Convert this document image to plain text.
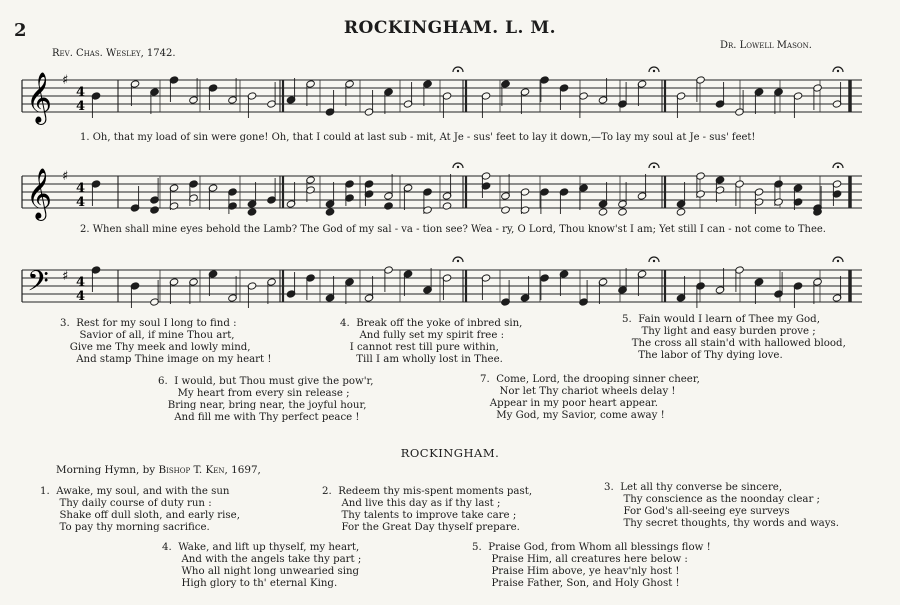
2	ROCKINGHAM. L. M.
Rev. Chas. Wesley, 1742.
Dr. Lowell Mason.
𝄞
𝄞
𝄢
♯
♯
♯
4
4
4
4
4
4
1. Oh, that my load of sin were gone! Oh, that I could at last sub - mit, At Je - sus' feet to lay it down,—To lay my soul at Je - sus' feet!
2. When shall mine eyes behold the Lamb? The God of my sal - va - tion see? Wea - ry, O Lord, Thou know'st I am; Yet still I can - not come to Thee.
3. Rest for my soul I long to find :
Savior of all, if mine Thou art,
Give me Thy meek and lowly mind,
And stamp Thine image on my heart !
4. Break off the yoke of inbred sin,
And fully set my spirit free :
I cannot rest till pure within,
Till I am wholly lost in Thee.
5. Fain would I learn of Thee my God,
Thy light and easy burden prove ;
The cross all stain'd with hallowed blood,
The labor of Thy dying love.
6. I would, but Thou must give the pow'r,
My heart from every sin release ;
Bring near, bring near, the joyful hour,
And fill me with Thy perfect peace !
7. Come, Lord, the drooping sinner cheer,
Nor let Thy chariot wheels delay !
Appear in my poor heart appear.
My God, my Savior, come away !
ROCKINGHAM.
Morning Hymn, by Bishop T. Ken, 1697,
1. Awake, my soul, and with the sun
Thy daily course of duty run :
Shake off dull sloth, and early rise,
To pay thy morning sacrifice.
2. Redeem thy mis-spent moments past,
And live this day as if thy last ;
Thy talents to improve take care ;
For the Great Day thyself prepare.
3. Let all thy converse be sincere,
Thy conscience as the noonday clear ;
For God's all-seeing eye surveys
Thy secret thoughts, thy words and ways.
4. Wake, and lift up thyself, my heart,
And with the angels take thy part ;
Who all night long unwearied sing
High glory to th' eternal King.
5. Praise God, from Whom all blessings flow !
Praise Him, all creatures here below :
Praise Him above, ye heav'nly host !
Praise Father, Son, and Holy Ghost !
